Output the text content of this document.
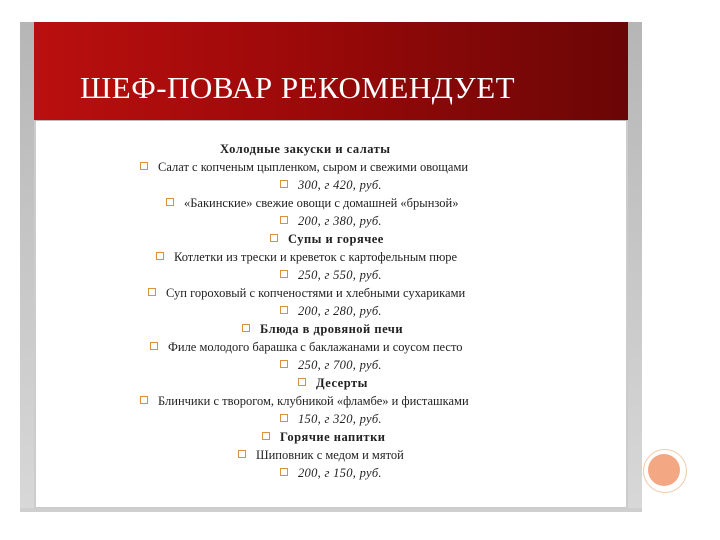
ШЕФ-ПОВАР РЕКОМЕНДУЕТ
Холодные закуски и салаты
Салат с копченым цыпленком, сыром и свежими овощами
300, г 420, руб.
«Бакинские» свежие овощи с домашней «брынзой»
200, г 380, руб.
Супы и горячее
Котлетки из трески и креветок с картофельным пюре
250, г 550, руб.
Суп гороховый с копченостями и хлебными сухариками
200, г 280, руб.
Блюда в дровяной печи
Филе молодого барашка с баклажанами и соусом песто
250, г 700, руб.
Десерты
Блинчики с творогом, клубникой «фламбе» и фисташками
150, г 320, руб.
Горячие напитки
Шиповник с медом и мятой
200, г 150, руб.
